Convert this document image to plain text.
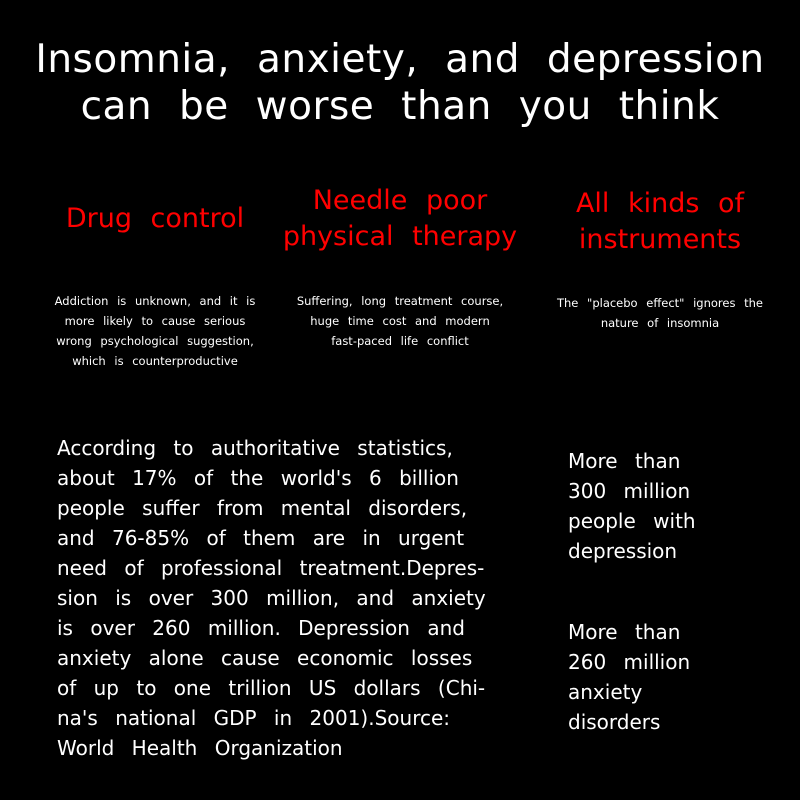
Insomnia, anxiety, and depression
can be worse than you think
Drug control
Addiction is unknown, and it is
more likely to cause serious
wrong psychological suggestion,
which is counterproductive
Needle poor
physical therapy
Suffering, long treatment course,
huge time cost and modern
fast-paced life conflict
All kinds of
instruments
The "placebo effect" ignores the
nature of insomnia
According to authoritative statistics,
about 17% of the world's 6 billion
people suffer from mental disorders,
and 76-85% of them are in urgent
need of professional treatment.Depres-
sion is over 300 million, and anxiety
is over 260 million. Depression and
anxiety alone cause economic losses
of up to one trillion US dollars (Chi-
na's national GDP in 2001).Source:
World Health Organization
More than
300 million
people with
depression
More than
260 million
anxiety
disorders
